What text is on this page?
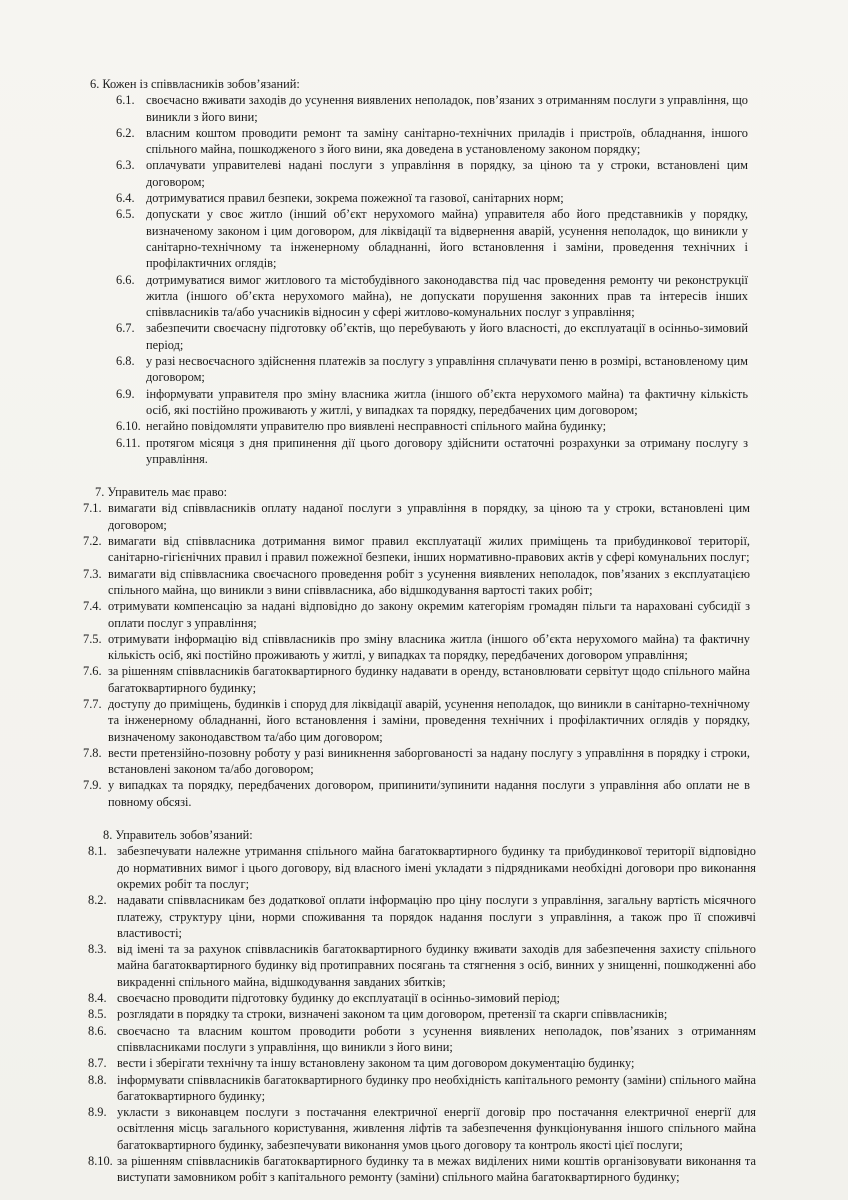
6. Кожен із співвласників зобов’язаний:
6.1. своєчасно вживати заходів до усунення виявлених неполадок, пов’язаних з отриманням послуги з управління, що виникли з його вини;
6.2. власним коштом проводити ремонт та заміну санітарно-технічних приладів і пристроїв, обладнання, іншого спільного майна, пошкодженого з його вини, яка доведена в установленому законом порядку;
6.3. оплачувати управителеві надані послуги з управління в порядку, за ціною та у строки, встановлені цим договором;
6.4. дотримуватися правил безпеки, зокрема пожежної та газової, санітарних норм;
6.5. допускати у своє житло (інший об’єкт нерухомого майна) управителя або його представників у порядку, визначеному законом і цим договором, для ліквідації та відвернення аварій, усунення неполадок, що виникли у санітарно-технічному та інженерному обладнанні, його встановлення і заміни, проведення технічних і профілактичних оглядів;
6.6. дотримуватися вимог житлового та містобудівного законодавства під час проведення ремонту чи реконструкції житла (іншого об’єкта нерухомого майна), не допускати порушення законних прав та інтересів інших співвласників та/або учасників відносин у сфері житлово-комунальних послуг з управління;
6.7. забезпечити своєчасну підготовку об’єктів, що перебувають у його власності, до експлуатації в осінньо-зимовий період;
6.8. у разі несвоєчасного здійснення платежів за послугу з управління сплачувати пеню в розмірі, встановленому цим договором;
6.9. інформувати управителя про зміну власника житла (іншого об’єкта нерухомого майна) та фактичну кількість осіб, які постійно проживають у житлі, у випадках та порядку, передбачених цим договором;
6.10. негайно повідомляти управителю про виявлені несправності спільного майна будинку;
6.11. протягом місяця з дня припинення дії цього договору здійснити остаточні розрахунки за отриману послугу з управління.
7. Управитель має право:
7.1. вимагати від співвласників оплату наданої послуги з управління в порядку, за ціною та у строки, встановлені цим договором;
7.2. вимагати від співвласника дотримання вимог правил експлуатації жилих приміщень та прибудинкової території, санітарно-гігієнічних правил і правил пожежної безпеки, інших нормативно-правових актів у сфері комунальних послуг;
7.3. вимагати від співвласника своєчасного проведення робіт з усунення виявлених неполадок, пов’язаних з експлуатацією спільного майна, що виникли з вини співвласника, або відшкодування вартості таких робіт;
7.4. отримувати компенсацію за надані відповідно до закону окремим категоріям громадян пільги та нараховані субсидії з оплати послуг з управління;
7.5. отримувати інформацію від співвласників про зміну власника житла (іншого об’єкта нерухомого майна) та фактичну кількість осіб, які постійно проживають у житлі, у випадках та порядку, передбачених договором управління;
7.6. за рішенням співвласників багатоквартирного будинку надавати в оренду, встановлювати сервітут щодо спільного майна багатоквартирного будинку;
7.7. доступу до приміщень, будинків і споруд для ліквідації аварій, усунення неполадок, що виникли в санітарно-технічному та інженерному обладнанні, його встановлення і заміни, проведення технічних і профілактичних оглядів у порядку, визначеному законодавством та/або цим договором;
7.8. вести претензійно-позовну роботу у разі виникнення заборгованості за надану послугу з управління в порядку і строки, встановлені законом та/або договором;
7.9. у випадках та порядку, передбачених договором, припинити/зупинити надання послуги з управління або оплати не в повному обсязі.
8. Управитель зобов’язаний:
8.1. забезпечувати належне утримання спільного майна багатоквартирного будинку та прибудинкової території відповідно до нормативних вимог і цього договору, від власного імені укладати з підрядниками необхідні договори про виконання окремих робіт та послуг;
8.2. надавати співвласникам без додаткової оплати інформацію про ціну послуги з управління, загальну вартість місячного платежу, структуру ціни, норми споживання та порядок надання послуги з управління, а також про її споживчі властивості;
8.3. від імені та за рахунок співвласників багатоквартирного будинку вживати заходів для забезпечення захисту спільного майна багатоквартирного будинку від протиправних посягань та стягнення з осіб, винних у знищенні, пошкодженні або викраденні спільного майна, відшкодування завданих збитків;
8.4. своєчасно проводити підготовку будинку до експлуатації в осінньо-зимовий період;
8.5. розглядати в порядку та строки, визначені законом та цим договором, претензії та скарги співвласників;
8.6. своєчасно та власним коштом проводити роботи з усунення виявлених неполадок, пов’язаних з отриманням співвласниками послуги з управління, що виникли з його вини;
8.7. вести і зберігати технічну та іншу встановлену законом та цим договором документацію будинку;
8.8. інформувати співвласників багатоквартирного будинку про необхідність капітального ремонту (заміни) спільного майна багатоквартирного будинку;
8.9. укласти з виконавцем послуги з постачання електричної енергії договір про постачання електричної енергії для освітлення місць загального користування, живлення ліфтів та забезпечення функціонування іншого спільного майна багатоквартирного будинку, забезпечувати виконання умов цього договору та контроль якості цієї послуги;
8.10. за рішенням співвласників багатоквартирного будинку та в межах виділених ними коштів організовувати виконання та виступати замовником робіт з капітального ремонту (заміни) спільного майна багатоквартирного будинку;
